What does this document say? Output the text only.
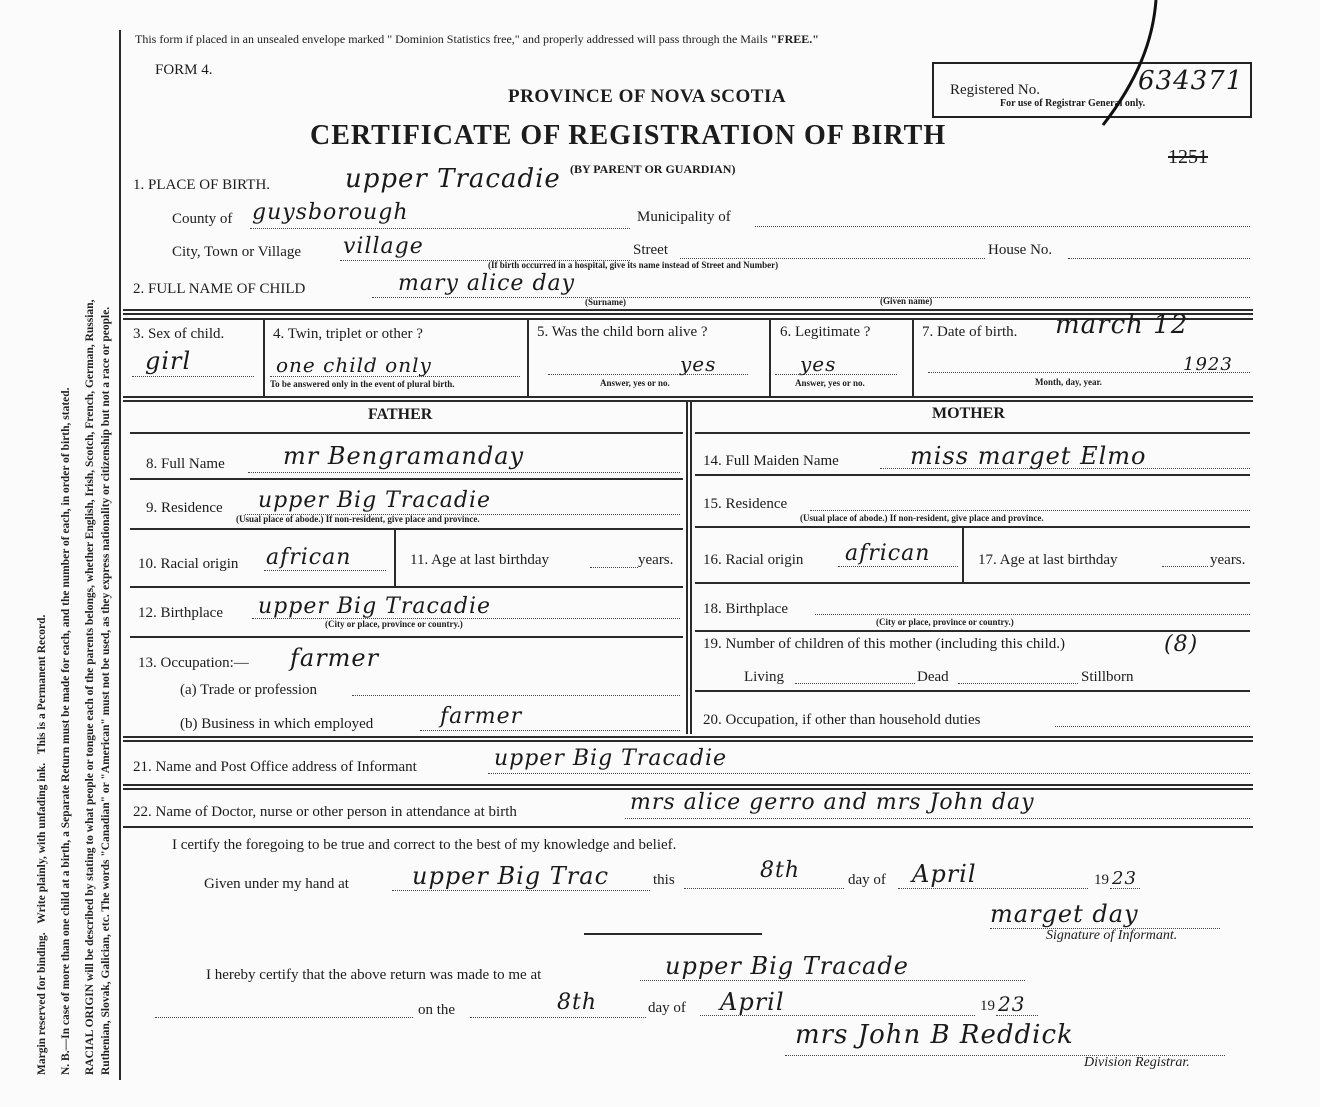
Margin reserved for binding.   Write plainly, with unfading ink.   This is a Permanent Record. N. B.—In case of more than one child at a birth, a Separate Return must be made for each, and the number of each, in order of birth, stated. RACIAL ORIGIN will be described by stating to what people or tongue each of the parents belongs, whether English, Irish, Scotch, French, German, Russian, Ruthenian, Slovak, Galician, etc. The words "Canadian" or "American" must not be used, as they express nationality or citizenship but not a race or people.
This form if placed in an unsealed envelope marked " Dominion Statistics free," and properly addressed will pass through the Mails "FREE."
FORM 4.
PROVINCE OF NOVA SCOTIA
CERTIFICATE OF REGISTRATION OF BIRTH
(BY PARENT OR GUARDIAN)
Registered No.	634371
For use of Registrar General only.
1251
1. PLACE OF BIRTH.	upper Tracadie
County of guysborough	Municipality of
City, Town or Village village	Street	House No.
(If birth occurred in a hospital, give its name instead of Street and Number)
2. FULL NAME OF CHILD	mary alice day
(Surname)	(Given name)
3. Sex of child.
girl
4. Twin, triplet or other ?
one child only
To be answered only in the event of plural birth.
5. Was the child born alive ?
yes
Answer, yes or no.
6. Legitimate ?
yes
Answer, yes or no.
7. Date of birth. march 12
1923
Month, day, year.
FATHER	MOTHER
8. Full Name mr Bengramanday
9. Residence upper Big Tracadie
(Usual place of abode.) If non-resident, give place and province.
10. Racial origin african	11. Age at last birthday	years.
12. Birthplace upper Big Tracadie
(City or place, province or country.)
13. Occupation:— farmer
(a) Trade or profession
(b) Business in which employed	farmer
14. Full Maiden Name	miss marget Elmo
15. Residence
(Usual place of abode.) If non-resident, give place and province.
16. Racial origin african	17. Age at last birthday	years.
18. Birthplace
(City or place, province or country.)
19. Number of children of this mother (including this child.)	(8)
Living	Dead	Stillborn
20. Occupation, if other than household duties
21. Name and Post Office address of Informant	upper Big Tracadie
22. Name of Doctor, nurse or other person in attendance at birth	mrs alice gerro and mrs John day
I certify the foregoing to be true and correct to the best of my knowledge and belief.
Given under my hand at	upper Big Trac	this	8th	day of April	19 23
marget day
Signature of Informant.
I hereby certify that the above return was made to me at	upper Big Tracade
on the	8th	day of April	19 23
mrs John B Reddick
Division Registrar.
